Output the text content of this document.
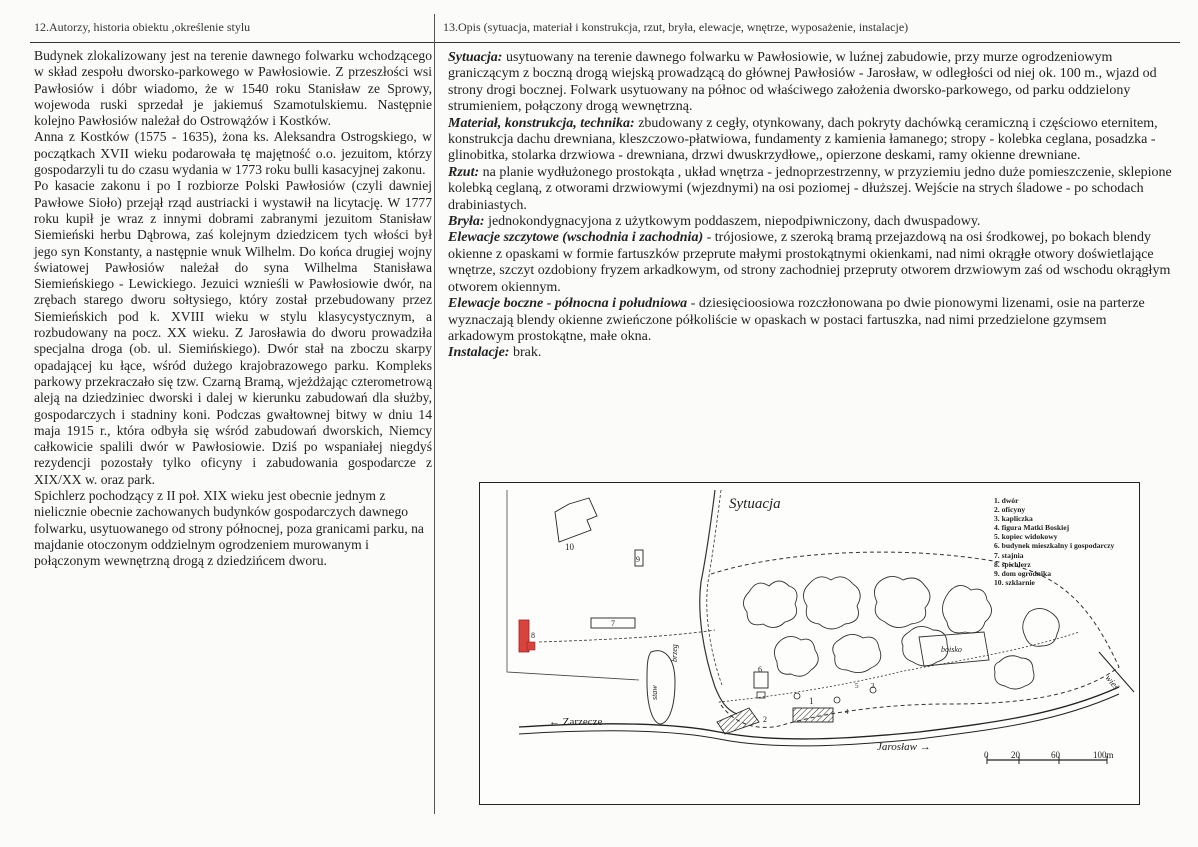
12.Autorzy, historia obiektu ,określenie stylu	13.Opis (sytuacja, materiał i konstrukcja, rzut, bryła, elewacje, wnętrze, wyposażenie, instalacje)

Budynek zlokalizowany jest na terenie dawnego folwarku wchodzącego w skład zespołu dworsko-parkowego w Pawłosiowie. Z przeszłości wsi Pawłosiów i dóbr wiadomo, że w 1540 roku Stanisław ze Sprowy, wojewoda ruski sprzedał je jakiemuś Szamotulskiemu. Następnie kolejno Pawłosiów należał do Ostrowążów i Kostków.

Anna z Kostków (1575 - 1635), żona ks. Aleksandra Ostrogskiego, w początkach XVII wieku podarowała tę majętność o.o. jezuitom, którzy gospodarzyli tu do czasu wydania w 1773 roku bulli kasacyjnej zakonu.

Po kasacie zakonu i po I rozbiorze Polski Pawłosiów (czyli dawniej Pawłowe Sioło) przejął rząd austriacki i wystawił na licytację. W 1777 roku kupił je wraz z innymi dobrami zabranymi jezuitom Stanisław Siemieński herbu Dąbrowa, zaś kolejnym dziedzicem tych włości był jego syn Konstanty, a następnie wnuk Wilhelm. Do końca drugiej wojny światowej Pawłosiów należał do syna Wilhelma Stanisława Siemieńskiego - Lewickiego. Jezuici wznieśli w Pawłosiowie dwór, na zrębach starego dworu sołtysiego, który został przebudowany przez Siemieńskich pod k. XVIII wieku w stylu klasycystycznym, a rozbudowany na pocz. XX wieku. Z Jarosławia do dworu prowadziła specjalna droga (ob. ul. Siemińskiego). Dwór stał na zboczu skarpy opadającej ku łące, wśród dużego krajobrazowego parku. Kompleks parkowy przekraczało się tzw. Czarną Bramą, wjeżdżając czterometrową aleją na dziedziniec dworski i dalej w kierunku zabudowań dla służby, gospodarczych i stadniny koni. Podczas gwałtownej bitwy w dniu 14 maja 1915 r., która odbyła się wśród zabudowań dworskich, Niemcy całkowicie spalili dwór w Pawłosiowie. Dziś po wspaniałej niegdyś rezydencji pozostały tylko oficyny i zabudowania gospodarcze z XIX/XX w. oraz park.

Spichlerz pochodzący z II poł. XIX wieku jest obecnie jednym z nielicznie obecnie zachowanych budynków gospodarczych dawnego folwarku, usytuowanego od strony północnej, poza granicami parku, na majdanie otoczonym oddzielnym ogrodzeniem murowanym i połączonym wewnętrzną drogą z dziedzińcem dworu.

Sytuacja: usytuowany na terenie dawnego folwarku w Pawłosiowie, w luźnej zabudowie, przy murze ogrodzeniowym graniczącym z boczną drogą wiejską prowadzącą do głównej Pawłosiów - Jarosław, w odległości od niej ok. 100 m., wjazd od strony drogi bocznej. Folwark usytuowany na północ od właściwego założenia dworsko-parkowego, od parku oddzielony strumieniem, połączony drogą wewnętrzną.

Materiał, konstrukcja, technika: zbudowany z cegły, otynkowany, dach pokryty dachówką ceramiczną i częściowo eternitem, konstrukcja dachu drewniana, kleszczowo-płatwiowa, fundamenty z kamienia łamanego; stropy - kolebka ceglana, posadzka - glinobitka, stolarka drzwiowa - drewniana, drzwi dwuskrzydłowe,, opierzone deskami, ramy okienne drewniane.

Rzut: na planie wydłużonego prostokąta , układ wnętrza - jednoprzestrzenny, w przyziemiu jedno duże pomieszczenie, sklepione kolebką ceglaną, z otworami drzwiowymi (wjezdnymi) na osi poziomej - dłuższej. Wejście na strych śladowe - po schodach drabiniastych.

Bryła: jednokondygnacyjona z użytkowym poddaszem, niepodpiwniczony, dach dwuspadowy.

Elewacje szczytowe (wschodnia i zachodnia) - trójosiowe, z szeroką bramą przejazdową na osi środkowej, po bokach blendy okienne z opaskami w formie fartuszków przeprute małymi prostokątnymi okienkami, nad nimi okrągłe otwory doświetlające wnętrze, szczyt ozdobiony fryzem arkadkowym, od strony zachodniej przepruty otworem drzwiowym zaś od wschodu okrągłym otworem okiennym.

Elewacje boczne - północna i południowa - dziesięcioosiowa rozczłonowana po dwie pionowymi lizenami, osie na parterze wyznaczają blendy okienne zwieńczone półkoliście w opaskach w postaci fartuszka, nad nimi przedzielone gzymsem arkadowym prostokątne, małe okna.

Instalacje: brak.

Sytuacja
boisko
staw
brzeg
10
9
7
8
6
1
2
3
4
5
← Zarzecze
Jarosław →
wieś
0	20	60	100m
1. dwór
2. oficyny
3. kapliczka
4. figura Matki Boskiej
5. kopiec widokowy
6. budynek mieszkalny i gospodarczy
7. stajnia
8. spichlerz
9. dom ogrodnika
10. szklarnie
